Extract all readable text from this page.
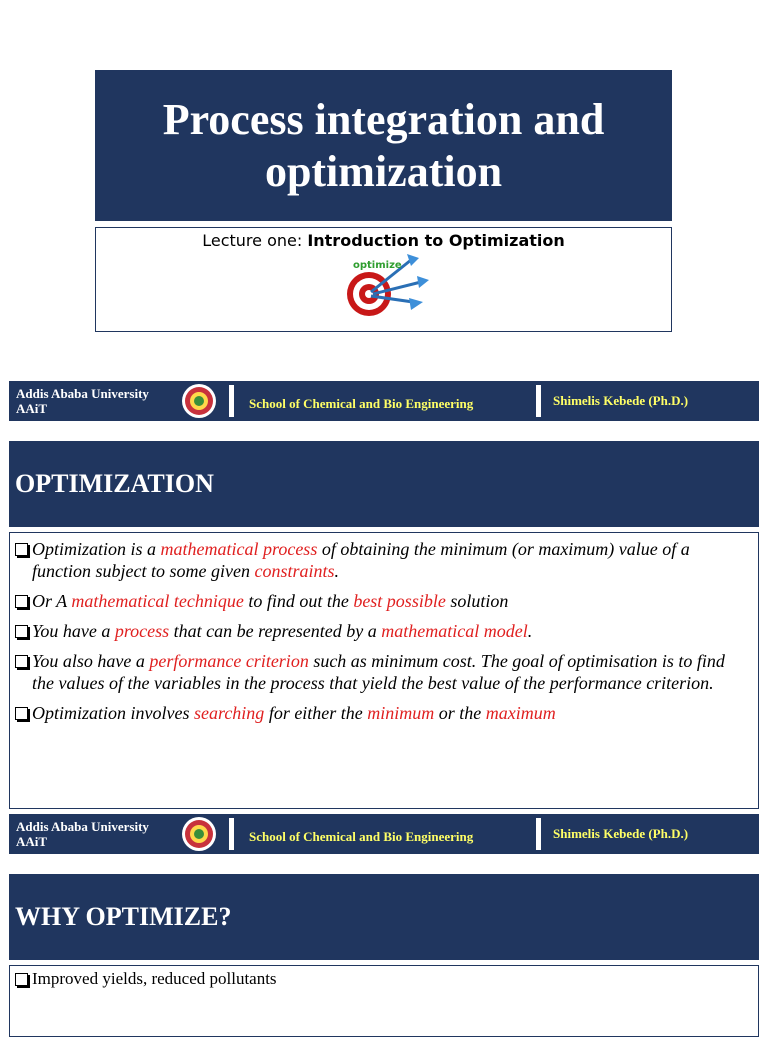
Process integration and optimization
Lecture one: Introduction to Optimization
optimize
Addis Ababa University
AAiT	School of Chemical and Bio Engineering	Shimelis Kebede (Ph.D.)
OPTIMIZATION
Optimization is a mathematical process of obtaining the minimum (or maximum) value of a function subject to some given constraints.
Or A mathematical technique to find out the best possible solution
You have a process that can be represented by a mathematical model.
You also have a performance criterion such as minimum cost. The goal of optimisation is to find the values of the variables in the process that yield the best value of the performance criterion.
Optimization involves searching for either the minimum or the maximum
Addis Ababa University
AAiT	School of Chemical and Bio Engineering	Shimelis Kebede (Ph.D.)
WHY OPTIMIZE?
Improved yields, reduced pollutants
